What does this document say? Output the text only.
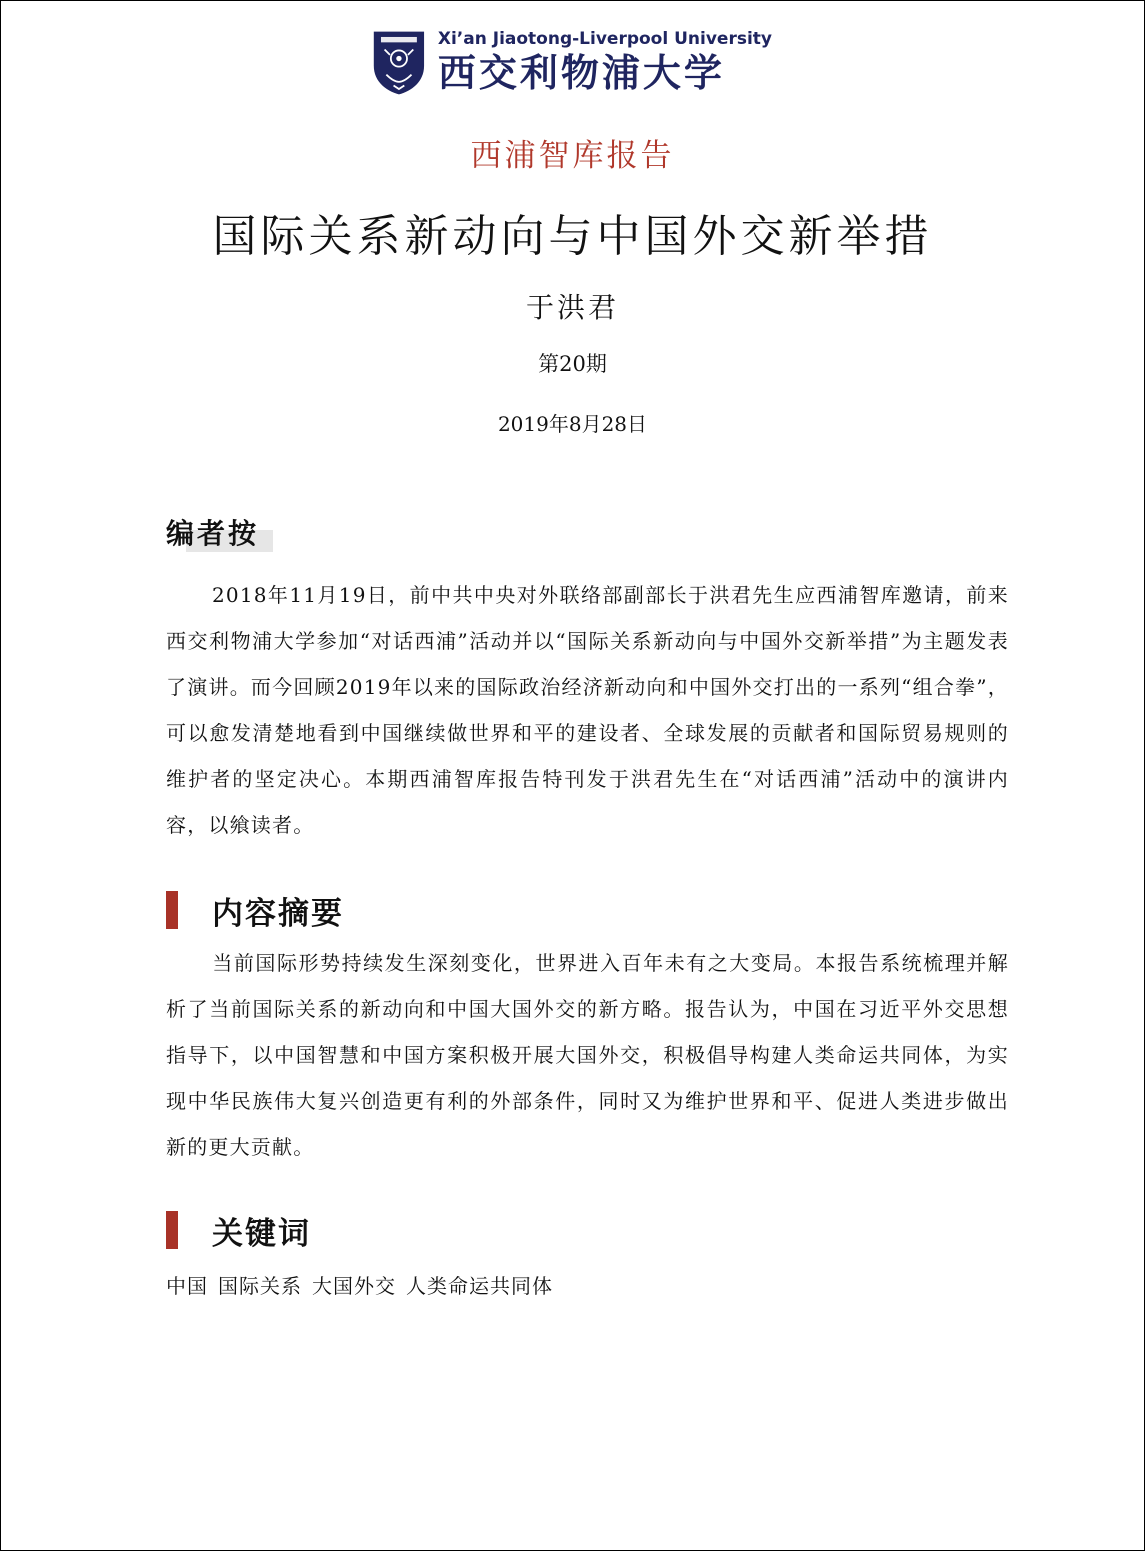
Xi’an Jiaotong-Liverpool University
西交利物浦大学
西浦智库报告
国际关系新动向与中国外交新举措
于洪君
第20期
2019年8月28日
编者按
2018年11月19日，前中共中央对外联络部副部长于洪君先生应西浦智库邀请，前来西交利物浦大学参加“对话西浦”活动并以“国际关系新动向与中国外交新举措”为主题发表了演讲。而今回顾2019年以来的国际政治经济新动向和中国外交打出的一系列“组合拳”，可以愈发清楚地看到中国继续做世界和平的建设者、全球发展的贡献者和国际贸易规则的维护者的坚定决心。本期西浦智库报告特刊发于洪君先生在“对话西浦”活动中的演讲内容，以飨读者。
内容摘要
当前国际形势持续发生深刻变化，世界进入百年未有之大变局。本报告系统梳理并解析了当前国际关系的新动向和中国大国外交的新方略。报告认为，中国在习近平外交思想指导下，以中国智慧和中国方案积极开展大国外交，积极倡导构建人类命运共同体，为实现中华民族伟大复兴创造更有利的外部条件，同时又为维护世界和平、促进人类进步做出新的更大贡献。
关键词
中国 国际关系 大国外交 人类命运共同体
